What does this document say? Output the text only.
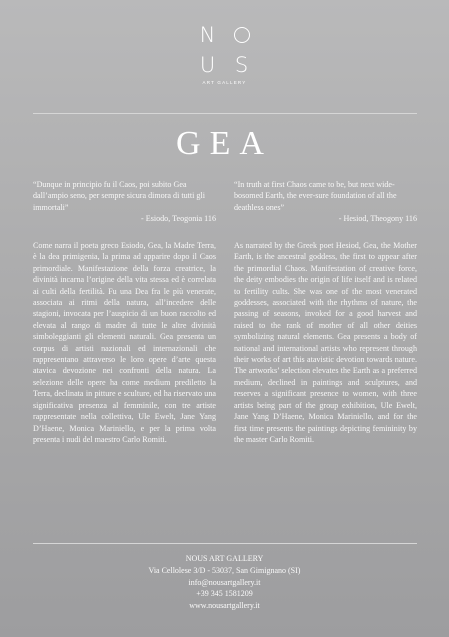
N
U S
ART GALLERY
GEA
“Dunque in principio fu il Caos, poi subito Gea dall’ampio seno, per sempre sicura dimora di tutti gli immortali”
- Esiodo, Teogonia 116
“In truth at first Chaos came to be, but next wide-bosomed Earth, the ever-sure foundation of all the deathless ones”
- Hesiod, Theogony 116
Come narra il poeta greco Esiodo, Gea, la Madre Terra, è la dea primigenia, la prima ad apparire dopo il Caos primordiale. Manifestazione della forza creatrice, la divinità incarna l’origine della vita stessa ed è correlata ai culti della fertilità. Fu una Dea fra le più venerate, associata ai ritmi della natura, all’incedere delle stagioni, invocata per l’auspicio di un buon raccolto ed elevata al rango di madre di tutte le altre divinità simboleggianti gli elementi naturali. Gea presenta un corpus di artisti nazionali ed internazionali che rappresentano attraverso le loro opere d’arte questa atavica devozione nei confronti della natura. La selezione delle opere ha come medium prediletto la Terra, declinata in pitture e sculture, ed ha riservato una significativa presenza al femminile, con tre artiste rappresentate nella collettiva, Ule Ewelt, Jane Yang D’Haene, Monica Mariniello, e per la prima volta presenta i nudi del maestro Carlo Romiti.
As narrated by the Greek poet Hesiod, Gea, the Mother Earth, is the ancestral goddess, the first to appear after the primordial Chaos. Manifestation of creative force, the deity embodies the origin of life itself and is related to fertility cults. She was one of the most venerated goddesses, associated with the rhythms of nature, the passing of seasons, invoked for a good harvest and raised to the rank of mother of all other deities symbolizing natural elements. Gea presents a body of national and international artists who represent through their works of art this atavistic devotion towards nature. The artworks’ selection elevates the Earth as a preferred medium, declined in paintings and sculptures, and reserves a significant presence to women, with three artists being part of the group exhibition, Ule Ewelt, Jane Yang D’Haene, Monica Mariniello, and for the first time presents the paintings depicting femininity by the master Carlo Romiti.
NOUS ART GALLERY
Via Cellolese 3/D - 53037, San Gimignano (SI)
info@nousartgallery.it
+39 345 1581209
www.nousartgallery.it
